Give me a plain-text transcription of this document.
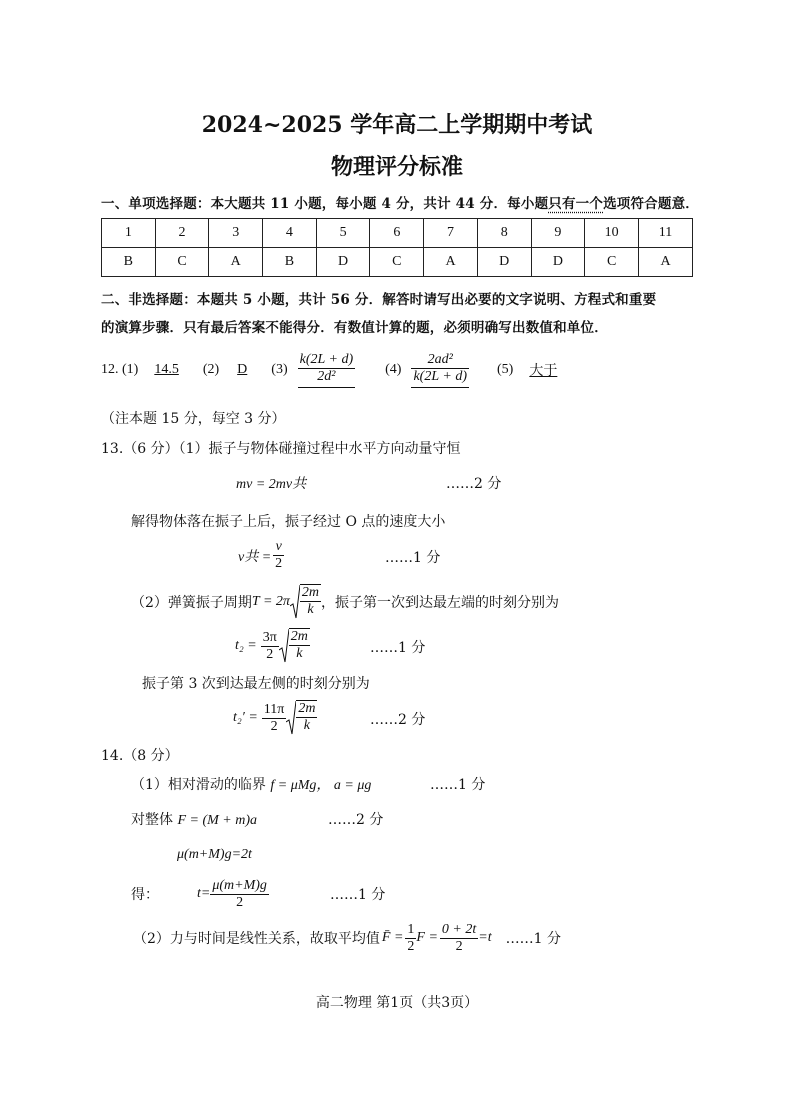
2024~2025 学年高二上学期期中考试
物理评分标准
一、单项选择题：本大题共 11 小题，每小题 4 分，共计 44 分．每小题只有一个选项符合题意．
1	2	3	4	5	6	7	8	9	10	11
B	C	A	B	D	C	A	D	D	C	A
二、非选择题：本题共 5 小题，共计 56 分．解答时请写出必要的文字说明、方程式和重要
的演算步骤．只有最后答案不能得分．有数值计算的题，必须明确写出数值和单位．
12. (1)	14.5	(2)	D	$(3) \frac{k(2L + d)}{\text{2d²}} (4) \frac{\text{2ad²}}{k(2L + d)} (5)$ 大于
（注本题 15 分，每空 3 分）
13.（6 分）（1）振子与物体碰撞过程中水平方向动量守恒
mv = 2mv共	……2 分
解得物体落在振子上后，振子经过 O 点的速度大小
v共 = $\frac{v}{2}$	……1 分
（2）弹簧振子周期 $T = 2\pi \frac{2m}{k}$ ，振子第一次到达最左端的时刻分别为
$t_2 = \frac{3\pi}{2} \frac{2m}{k}$	……1 分
振子第 3 次到达最左侧的时刻分别为
$t_2' = \frac{11\pi}{2} \frac{2m}{k}$	……2 分
14.（8 分）
（1）相对滑动的临界 f = μMg， a = μg	……1 分
对整体 F = (M + m)a	……2 分
μ(m+M)g=2t
得：	$t= \frac{\mu(m+M)g}{2}$	……1 分
（2）力与时间是线性关系，故取平均值 F̄ = $\frac{1}{2}$ $F = \frac{0 + 2t}{2} =t$ ……1 分
高二物理 第1页（共3页）
